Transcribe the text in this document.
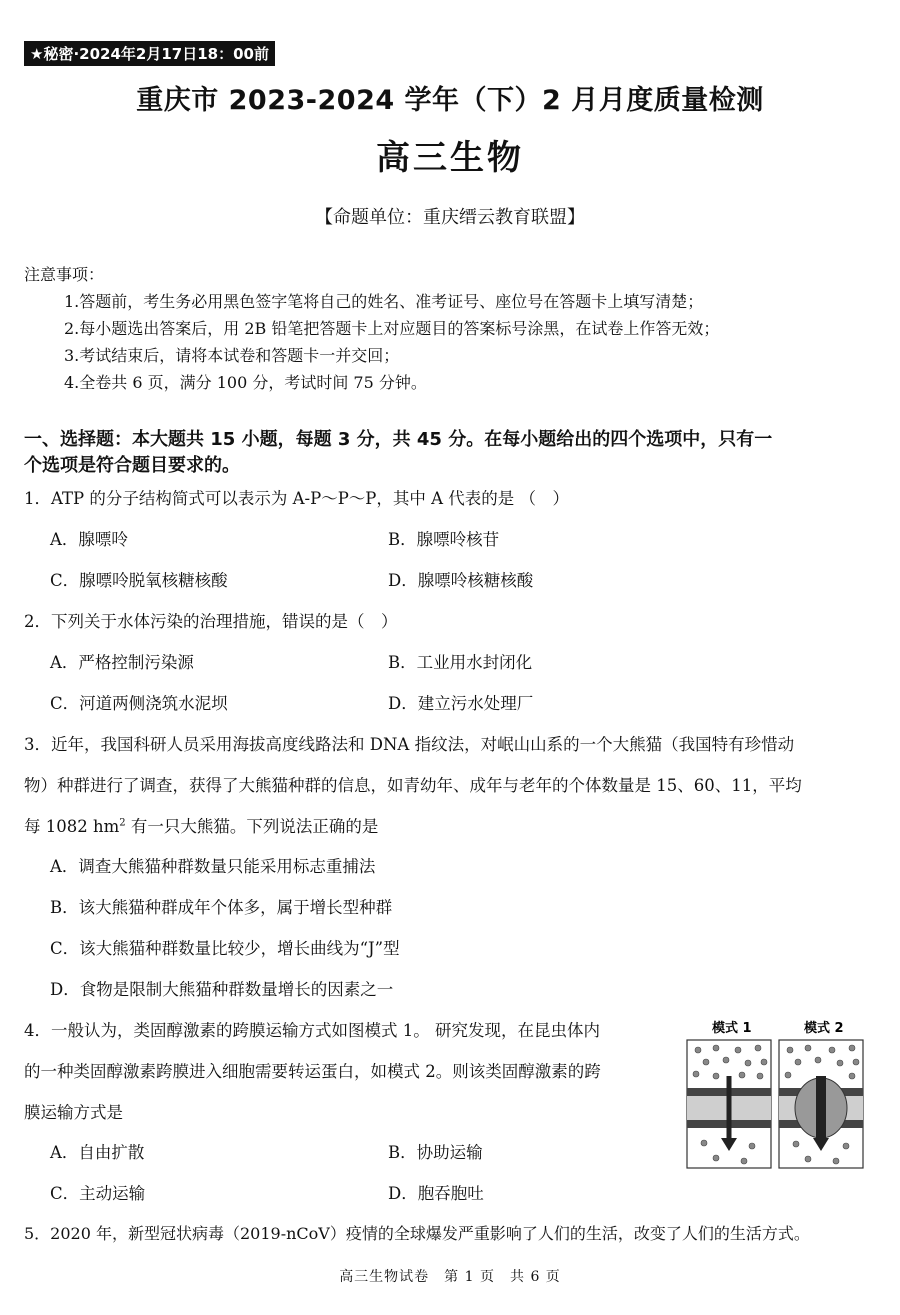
★秘密·2024年2月17日18：00前
重庆市 2023-2024 学年（下）2 月月度质量检测
高三生物
【命题单位：重庆缙云教育联盟】
注意事项：
1.答题前，考生务必用黑色签字笔将自己的姓名、准考证号、座位号在答题卡上填写清楚；
2.每小题选出答案后，用 2B 铅笔把答题卡上对应题目的答案标号涂黑，在试卷上作答无效；
3.考试结束后，请将本试卷和答题卡一并交回；
4.全卷共 6 页，满分 100 分，考试时间 75 分钟。
一、选择题：本大题共 15 小题，每题 3 分，共 45 分。在每小题给出的四个选项中，只有一
个选项是符合题目要求的。
1．ATP 的分子结构简式可以表示为 A-P～P～P，其中 A 代表的是 （　）
A．腺嘌呤	B．腺嘌呤核苷
C．腺嘌呤脱氧核糖核酸	D．腺嘌呤核糖核酸
2．下列关于水体污染的治理措施，错误的是（　）
A．严格控制污染源	B．工业用水封闭化
C．河道两侧浇筑水泥坝	D．建立污水处理厂
3．近年，我国科研人员采用海拔高度线路法和 DNA 指纹法，对岷山山系的一个大熊猫（我国特有珍惜动
物）种群进行了调查，获得了大熊猫种群的信息，如青幼年、成年与老年的个体数量是 15、60、11，平均
每 1082 $hm^2$ 有一只大熊猫。下列说法正确的是
A．调查大熊猫种群数量只能采用标志重捕法
B．该大熊猫种群成年个体多，属于增长型种群
C．该大熊猫种群数量比较少，增长曲线为“J”型
D．食物是限制大熊猫种群数量增长的因素之一
4．一般认为，类固醇激素的跨膜运输方式如图模式 1。 研究发现，在昆虫体内
的一种类固醇激素跨膜进入细胞需要转运蛋白，如模式 2。则该类固醇激素的跨
膜运输方式是
A．自由扩散	B．协助运输
C．主动运输	D．胞吞胞吐
模式 1	模式 2
5．2020 年，新型冠状病毒（2019-nCoV）疫情的全球爆发严重影响了人们的生活，改变了人们的生活方式。
高三生物试卷　第 1 页　共 6 页
